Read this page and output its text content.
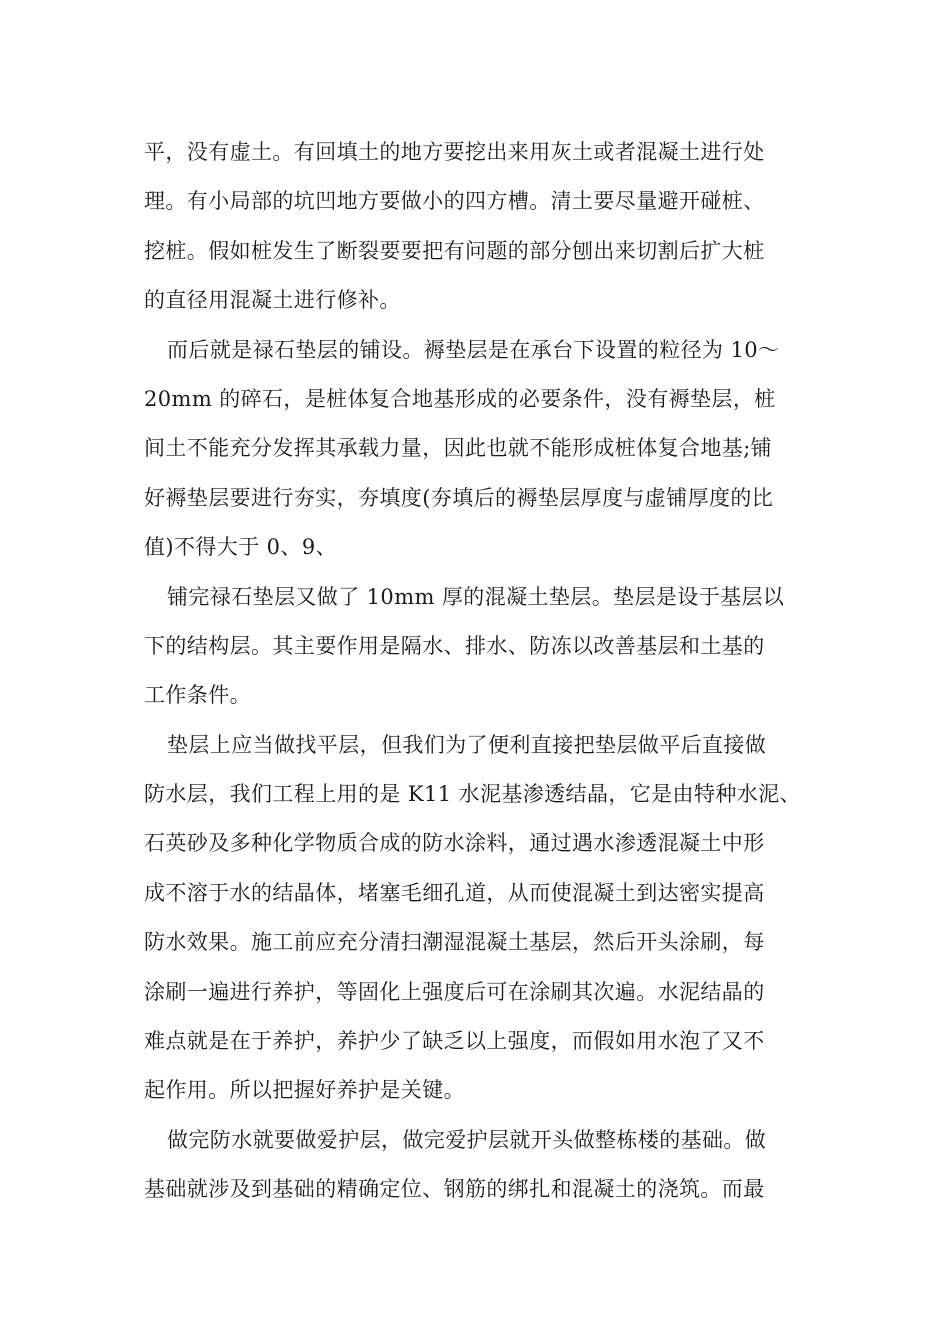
平，没有虚土。有回填土的地方要挖出来用灰土或者混凝土进行处
理。有小局部的坑凹地方要做小的四方槽。清土要尽量避开碰桩、
挖桩。假如桩发生了断裂要要把有问题的部分刨出来切割后扩大桩
的直径用混凝土进行修补。
而后就是禄石垫层的铺设。褥垫层是在承台下设置的粒径为 10～
20mm 的碎石，是桩体复合地基形成的必要条件，没有褥垫层，桩
间土不能充分发挥其承载力量，因此也就不能形成桩体复合地基;铺
好褥垫层要进行夯实，夯填度(夯填后的褥垫层厚度与虚铺厚度的比
值)不得大于 0、9、
铺完禄石垫层又做了 10mm 厚的混凝土垫层。垫层是设于基层以
下的结构层。其主要作用是隔水、排水、防冻以改善基层和土基的
工作条件。
垫层上应当做找平层，但我们为了便利直接把垫层做平后直接做
防水层，我们工程上用的是 K11 水泥基渗透结晶，它是由特种水泥、
石英砂及多种化学物质合成的防水涂料，通过遇水渗透混凝土中形
成不溶于水的结晶体，堵塞毛细孔道，从而使混凝土到达密实提高
防水效果。施工前应充分清扫潮湿混凝土基层，然后开头涂刷，每
涂刷一遍进行养护，等固化上强度后可在涂刷其次遍。水泥结晶的
难点就是在于养护，养护少了缺乏以上强度，而假如用水泡了又不
起作用。所以把握好养护是关键。
做完防水就要做爱护层，做完爱护层就开头做整栋楼的基础。做
基础就涉及到基础的精确定位、钢筋的绑扎和混凝土的浇筑。而最
